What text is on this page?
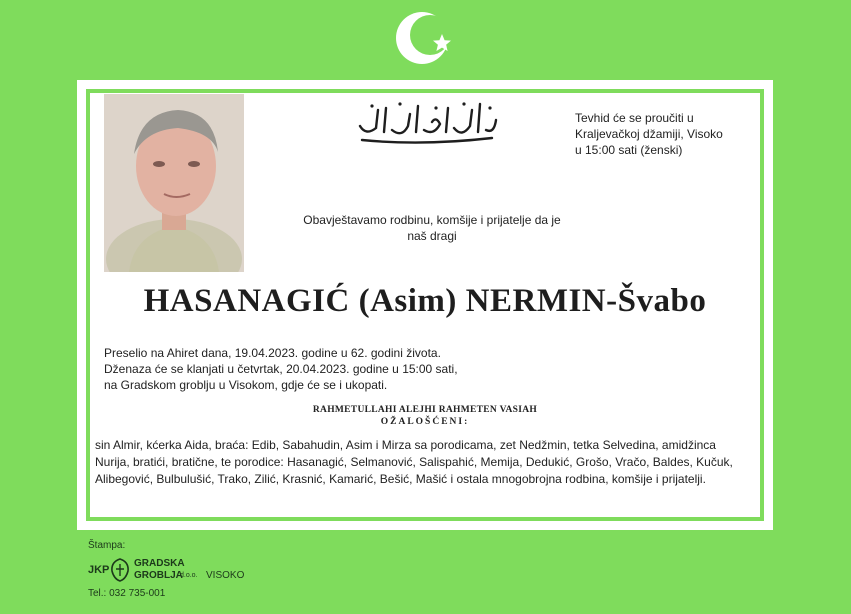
Tevhid će se proučiti u
Kraljevačkoj džamiji, Visoko
u 15:00 sati (ženski)
Obavještavamo rodbinu, komšije i prijatelje da je
naš dragi
HASANAGIĆ (Asim) NERMIN-Švabo
Preselio na Ahiret dana, 19.04.2023. godine u 62. godini života.
Dženaza će se klanjati u četvrtak, 20.04.2023. godine u 15:00 sati,
na Gradskom groblju u Visokom, gdje će se i ukopati.
RAHMETULLAHI ALEJHI RAHMETEN VASIAH
OŽALOŠĆENI:
sin Almir, kćerka Aida, braća: Edib, Sabahudin, Asim i Mirza sa porodicama, zet Nedžmin, tetka Selvedina, amidžinca
Nurija, bratići, bratične, te porodice: Hasanagić, Selmanović, Salispahić, Memija, Dedukić, Grošo, Vračo, Baldes, Kučuk,
Alibegović, Bulbulušić, Trako, Zilić, Krasnić, Kamarić, Bešić, Mašić i ostala mnogobrojna rodbina, komšije i prijatelji.
Štampa:
JKP
GRADSKA
GROBLJA
d.o.o. VISOKO
Tel.: 032 735-001
